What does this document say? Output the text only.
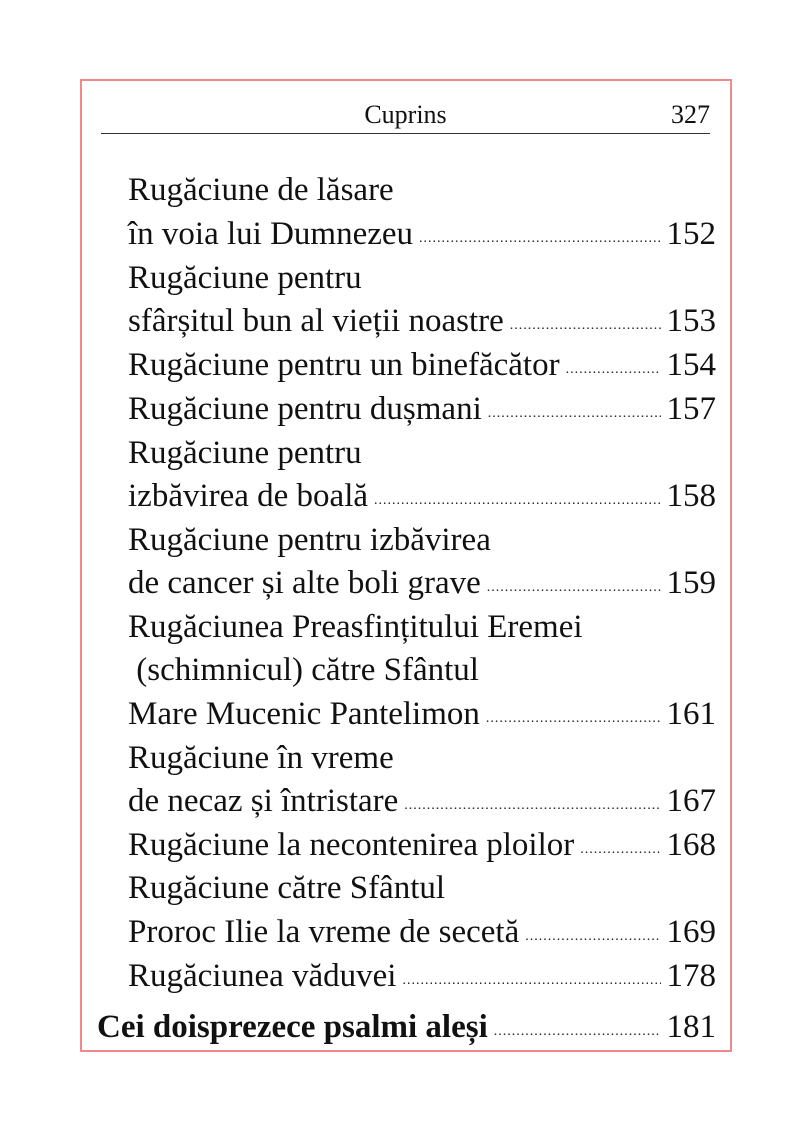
Cuprins	327
Rugăciune de lăsare
în voia lui Dumnezeu .....	152
Rugăciune pentru
sfârșitul bun al vieții noastre .....	153
Rugăciune pentru un binefăcător .....	154
Rugăciune pentru dușmani .....	157
Rugăciune pentru
izbăvirea de boală .....	158
Rugăciune pentru izbăvirea
de cancer și alte boli grave .....	159
Rugăciunea Preasfințitului Eremei
(schimnicul) către Sfântul
Mare Mucenic Pantelimon .....	161
Rugăciune în vreme
de necaz și întristare .....	167
Rugăciune la necontenirea ploilor .....	168
Rugăciune către Sfântul
Proroc Ilie la vreme de secetă .....	169
Rugăciunea văduvei .....	178
Cei doisprezece psalmi aleși .....	181
